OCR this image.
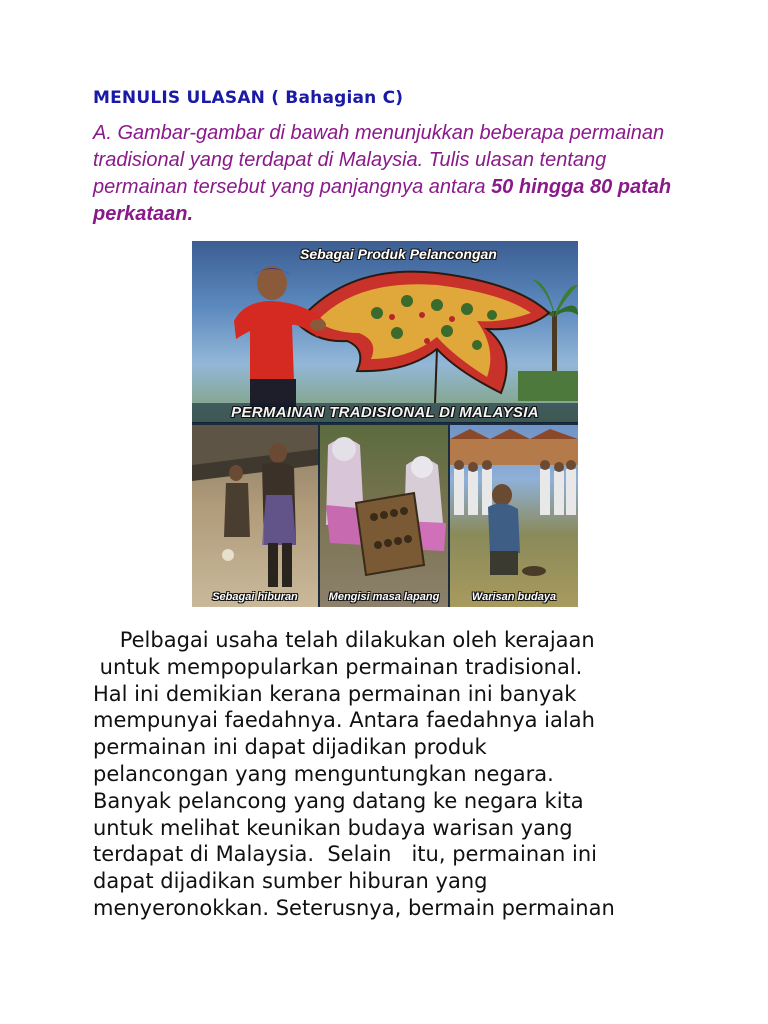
MENULIS ULASAN ( Bahagian C)
A. Gambar-gambar di bawah menunjukkan beberapa permainan tradisional yang terdapat di Malaysia. Tulis ulasan tentang permainan tersebut yang panjangnya antara 50 hingga 80 patah perkataan.
Sebagai Produk Pelancongan
PERMAINAN TRADISIONAL DI MALAYSIA
Sebagai hiburan	Mengisi masa lapang	Warisan budaya
Pelbagai usaha telah dilakukan oleh kerajaan
untuk mempopularkan permainan tradisional.
Hal ini demikian kerana permainan ini banyak
mempunyai faedahnya. Antara faedahnya ialah
permainan ini dapat dijadikan produk
pelancongan yang menguntungkan negara.
Banyak pelancong yang datang ke negara kita
untuk melihat keunikan budaya warisan yang
terdapat di Malaysia.  Selain   itu, permainan ini
dapat dijadikan sumber hiburan yang
menyeronokkan. Seterusnya, bermain permainan
